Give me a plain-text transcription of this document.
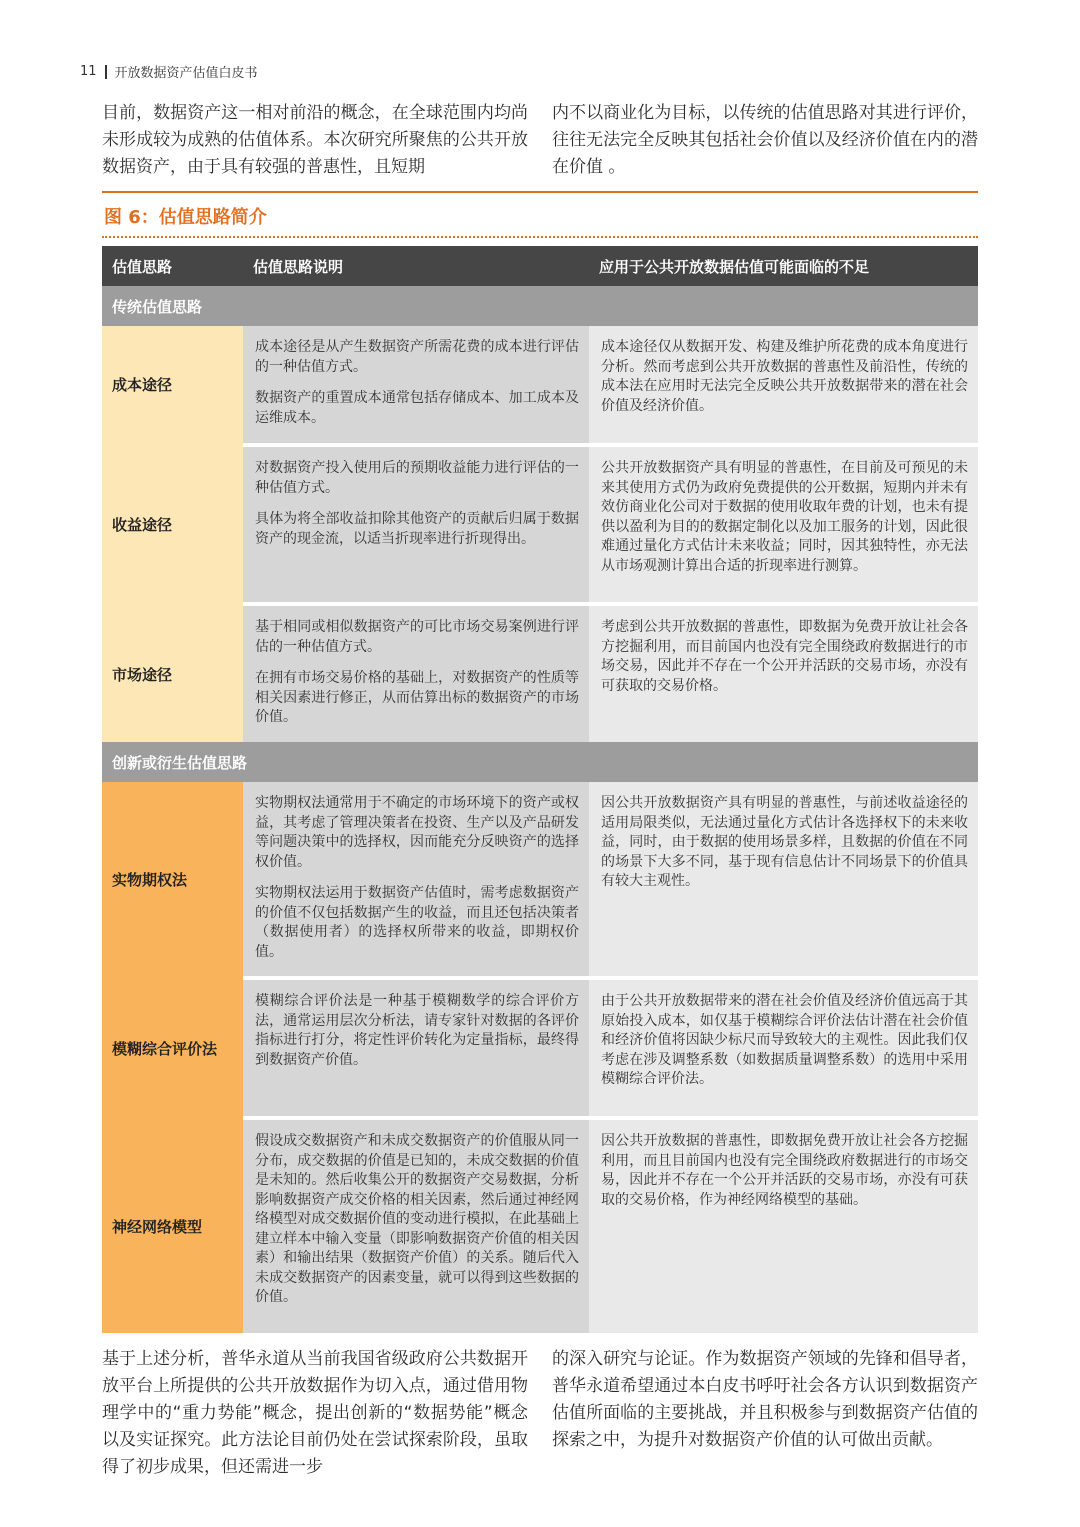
11 开放数据资产估值白皮书

目前，数据资产这一相对前沿的概念，在全球范围内均尚未形成较为成熟的估值体系。本次研究所聚焦的公共开放数据资产，由于具有较强的普惠性，且短期

内不以商业化为目标，以传统的估值思路对其进行评价，往往无法完全反映其包括社会价值以及经济价值在内的潜在价值 。

图 6：估值思路简介
估值思路	估值思路说明	应用于公共开放数据估值可能面临的不足
传统估值思路
成本途径

成本途径是从产生数据资产所需花费的成本进行评估的一种估值方式。

数据资产的重置成本通常包括存储成本、加工成本及运维成本。

成本途径仅从数据开发、构建及维护所花费的成本角度进行分析。然而考虑到公共开放数据的普惠性及前沿性，传统的成本法在应用时无法完全反映公共开放数据带来的潜在社会价值及经济价值。

收益途径

对数据资产投入使用后的预期收益能力进行评估的一种估值方式。

具体为将全部收益扣除其他资产的贡献后归属于数据资产的现金流，以适当折现率进行折现得出。

公共开放数据资产具有明显的普惠性，在目前及可预见的未来其使用方式仍为政府免费提供的公开数据，短期内并未有效仿商业化公司对于数据的使用收取年费的计划，也未有提供以盈利为目的的数据定制化以及加工服务的计划，因此很难通过量化方式估计未来收益；同时，因其独特性，亦无法从市场观测计算出合适的折现率进行测算。

市场途径

基于相同或相似数据资产的可比市场交易案例进行评估的一种估值方式。

在拥有市场交易价格的基础上，对数据资产的性质等相关因素进行修正，从而估算出标的数据资产的市场价值。

考虑到公共开放数据的普惠性，即数据为免费开放让社会各方挖掘利用，而目前国内也没有完全围绕政府数据进行的市场交易，因此并不存在一个公开并活跃的交易市场，亦没有可获取的交易价格。

创新或衍生估值思路
实物期权法

实物期权法通常用于不确定的市场环境下的资产或权益，其考虑了管理决策者在投资、生产以及产品研发等问题决策中的选择权，因而能充分反映资产的选择权价值。

实物期权法运用于数据资产估值时，需考虑数据资产的价值不仅包括数据产生的收益，而且还包括决策者（数据使用者）的选择权所带来的收益，即期权价值。

因公共开放数据资产具有明显的普惠性，与前述收益途径的适用局限类似，无法通过量化方式估计各选择权下的未来收益，同时，由于数据的使用场景多样，且数据的价值在不同的场景下大多不同，基于现有信息估计不同场景下的价值具有较大主观性。

模糊综合评价法

模糊综合评价法是一种基于模糊数学的综合评价方法，通常运用层次分析法，请专家针对数据的各评价指标进行打分，将定性评价转化为定量指标，最终得到数据资产价值。

由于公共开放数据带来的潜在社会价值及经济价值远高于其原始投入成本，如仅基于模糊综合评价法估计潜在社会价值和经济价值将因缺少标尺而导致较大的主观性。因此我们仅考虑在涉及调整系数（如数据质量调整系数）的选用中采用模糊综合评价法。

神经网络模型

假设成交数据资产和未成交数据资产的价值服从同一分布，成交数据的价值是已知的，未成交数据的价值是未知的。然后收集公开的数据资产交易数据，分析影响数据资产成交价格的相关因素，然后通过神经网络模型对成交数据价值的变动进行模拟，在此基础上建立样本中输入变量（即影响数据资产价值的相关因素）和输出结果（数据资产价值）的关系。随后代入未成交数据资产的因素变量，就可以得到这些数据的价值。

因公共开放数据的普惠性，即数据免费开放让社会各方挖掘利用，而且目前国内也没有完全围绕政府数据进行的市场交易，因此并不存在一个公开并活跃的交易市场，亦没有可获取的交易价格，作为神经网络模型的基础。

基于上述分析，普华永道从当前我国省级政府公共数据开放平台上所提供的公共开放数据作为切入点，通过借用物理学中的“重力势能”概念，提出创新的“数据势能”概念以及实证探究。此方法论目前仍处在尝试探索阶段，虽取得了初步成果，但还需进一步

的深入研究与论证。作为数据资产领域的先锋和倡导者，普华永道希望通过本白皮书呼吁社会各方认识到数据资产估值所面临的主要挑战，并且积极参与到数据资产估值的探索之中，为提升对数据资产价值的认可做出贡献。
